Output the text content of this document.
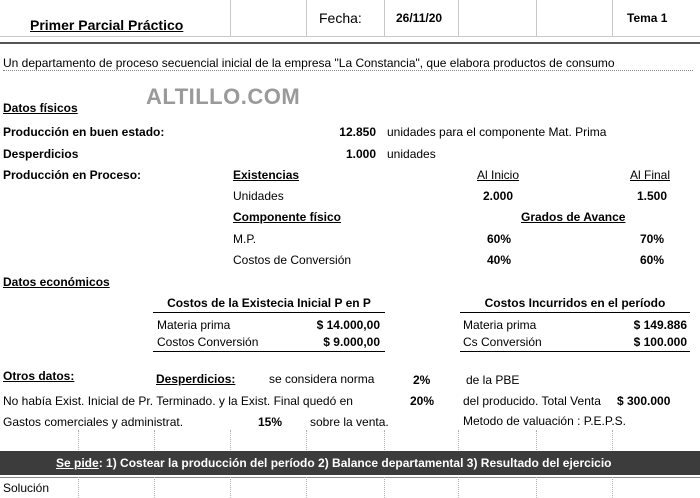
Primer Parcial Práctico	Fecha:	26/11/20	Tema 1
Un departamento de proceso secuencial inicial de la empresa "La Constancia", que elabora productos de consumo
ALTILLO.COM
Datos físicos
Producción en buen estado:	12.850 unidades para el componente Mat. Prima
Desperdicios	1.000 unidades
Producción en Proceso:	Existencias	Al Inicio	Al Final
Unidades	2.000	1.500
Componente físico	Grados de Avance
M.P.	60%	70%
Costos de Conversión	40%	60%
Datos económicos
Costos de la Existecia Inicial P en P
Materia prima	$ 14.000,00
Costos Conversión	$ 9.000,00
Costos Incurridos en el período
Materia prima	$ 149.886
Cs Conversión	$ 100.000
Otros datos:	Desperdicios:	se considera norma	2%	de la PBE
No había Exist. Inicial de Pr. Terminado. y la Exist. Final quedó en	20% del producido. Total Venta $ 300.000
Gastos comerciales y administrat.	15% sobre la venta.	Metodo de valuación : P.E.P.S.
Se pide: 1) Costear la producción del período 2) Balance departamental 3) Resultado del ejercicio
Solución
